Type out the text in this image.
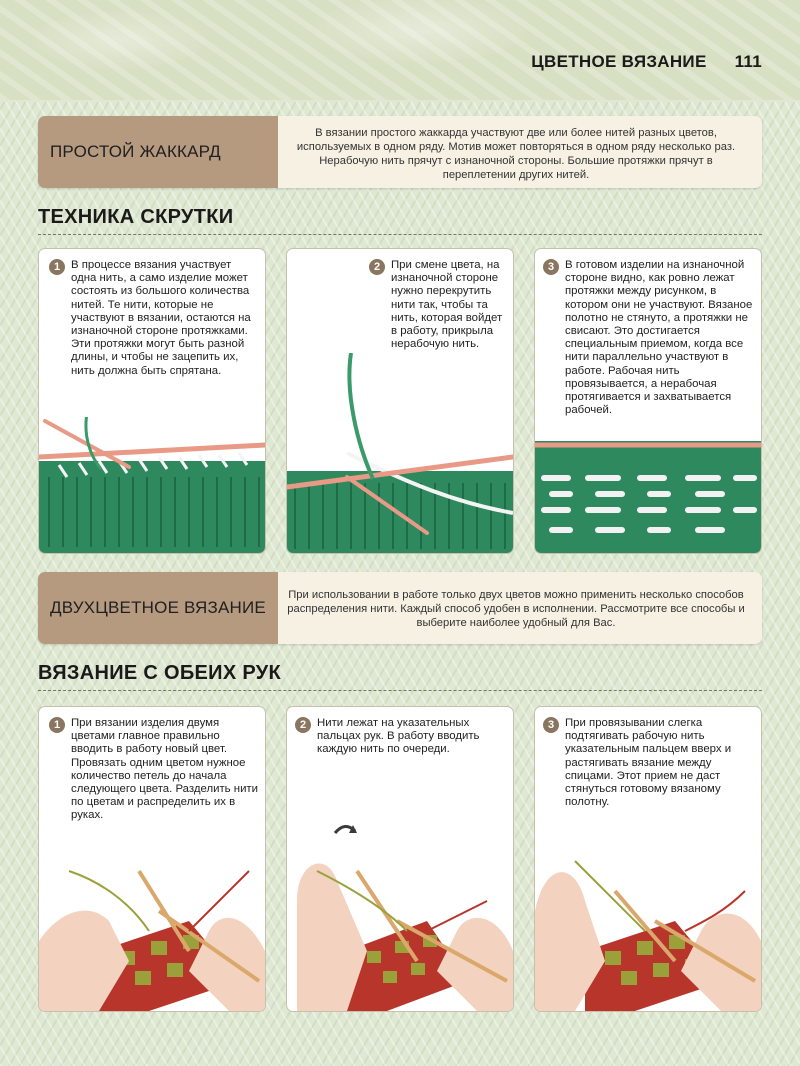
ЦВЕТНОЕ ВЯЗАНИЕ 111
ПРОСТОЙ ЖАККАРД
В вязании простого жаккарда участвуют две или более нитей разных цветов, используемых в одном ряду. Мотив может повторяться в одном ряду несколько раз. Нерабочую нить прячут с изнаночной стороны. Большие протяжки прячут в переплетении других нитей.
ТЕХНИКА СКРУТКИ
1 В процессе вязания участвует одна нить, а само изделие может состоять из большого количества нитей. Те нити, которые не участвуют в вязании, остаются на изнаночной стороне протяжками. Эти протяжки могут быть разной длины, и чтобы не зацепить их, нить должна быть спрятана.
2 При смене цвета, на изнаночной стороне нужно перекрутить нити так, чтобы та нить, которая войдет в работу, прикрыла нерабочую нить.
3 В готовом изделии на изнаночной стороне видно, как ровно лежат протяжки между рисунком, в котором они не участвуют. Вязаное полотно не стянуто, а протяжки не свисают. Это достигается специальным приемом, когда все нити параллельно участвуют в работе. Рабочая нить провязывается, а нерабочая протягивается и захватывается рабочей.
ДВУХЦВЕТНОЕ ВЯЗАНИЕ
При использовании в работе только двух цветов можно применить несколько способов распределения нити. Каждый способ удобен в исполнении. Рассмотрите все способы и выберите наиболее удобный для Вас.
ВЯЗАНИЕ С ОБЕИХ РУК
1 При вязании изделия двумя цветами главное правильно вводить в работу новый цвет. Провязать одним цветом нужное количество петель до начала следующего цвета. Разделить нити по цветам и распределить их в руках.
2 Нити лежат на указательных пальцах рук. В работу вводить каждую нить по очереди.
3 При провязывании слегка подтягивать рабочую нить указательным пальцем вверх и растягивать вязание между спицами. Этот прием не даст стянуться готовому вязаному полотну.
